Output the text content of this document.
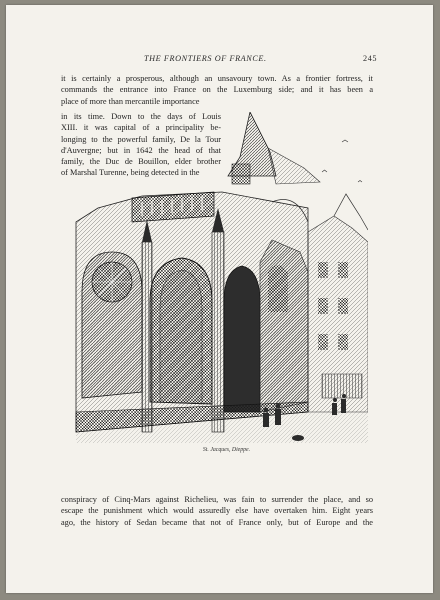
THE FRONTIERS OF FRANCE.	245

it is certainly a prosperous, although an unsavoury town. As a frontier fortress, it

commands the entrance into France on the Luxemburg side; and it has been a

place of more than mercantile importance

in its time. Down to the days of Louis

XIII. it was capital of a principality be-

longing to the powerful family, De la Tour

d'Auvergne; but in 1642 the head of that

family, the Duc de Bouillon, elder brother

of Marshal Turenne, being detected in the

St. Jacques, Dieppe.

conspiracy of Cinq-Mars against Richelieu, was fain to surrender the place, and so

escape the punishment which would assuredly else have overtaken him. Eight years

ago, the history of Sedan became that not of France only, but of Europe and the
